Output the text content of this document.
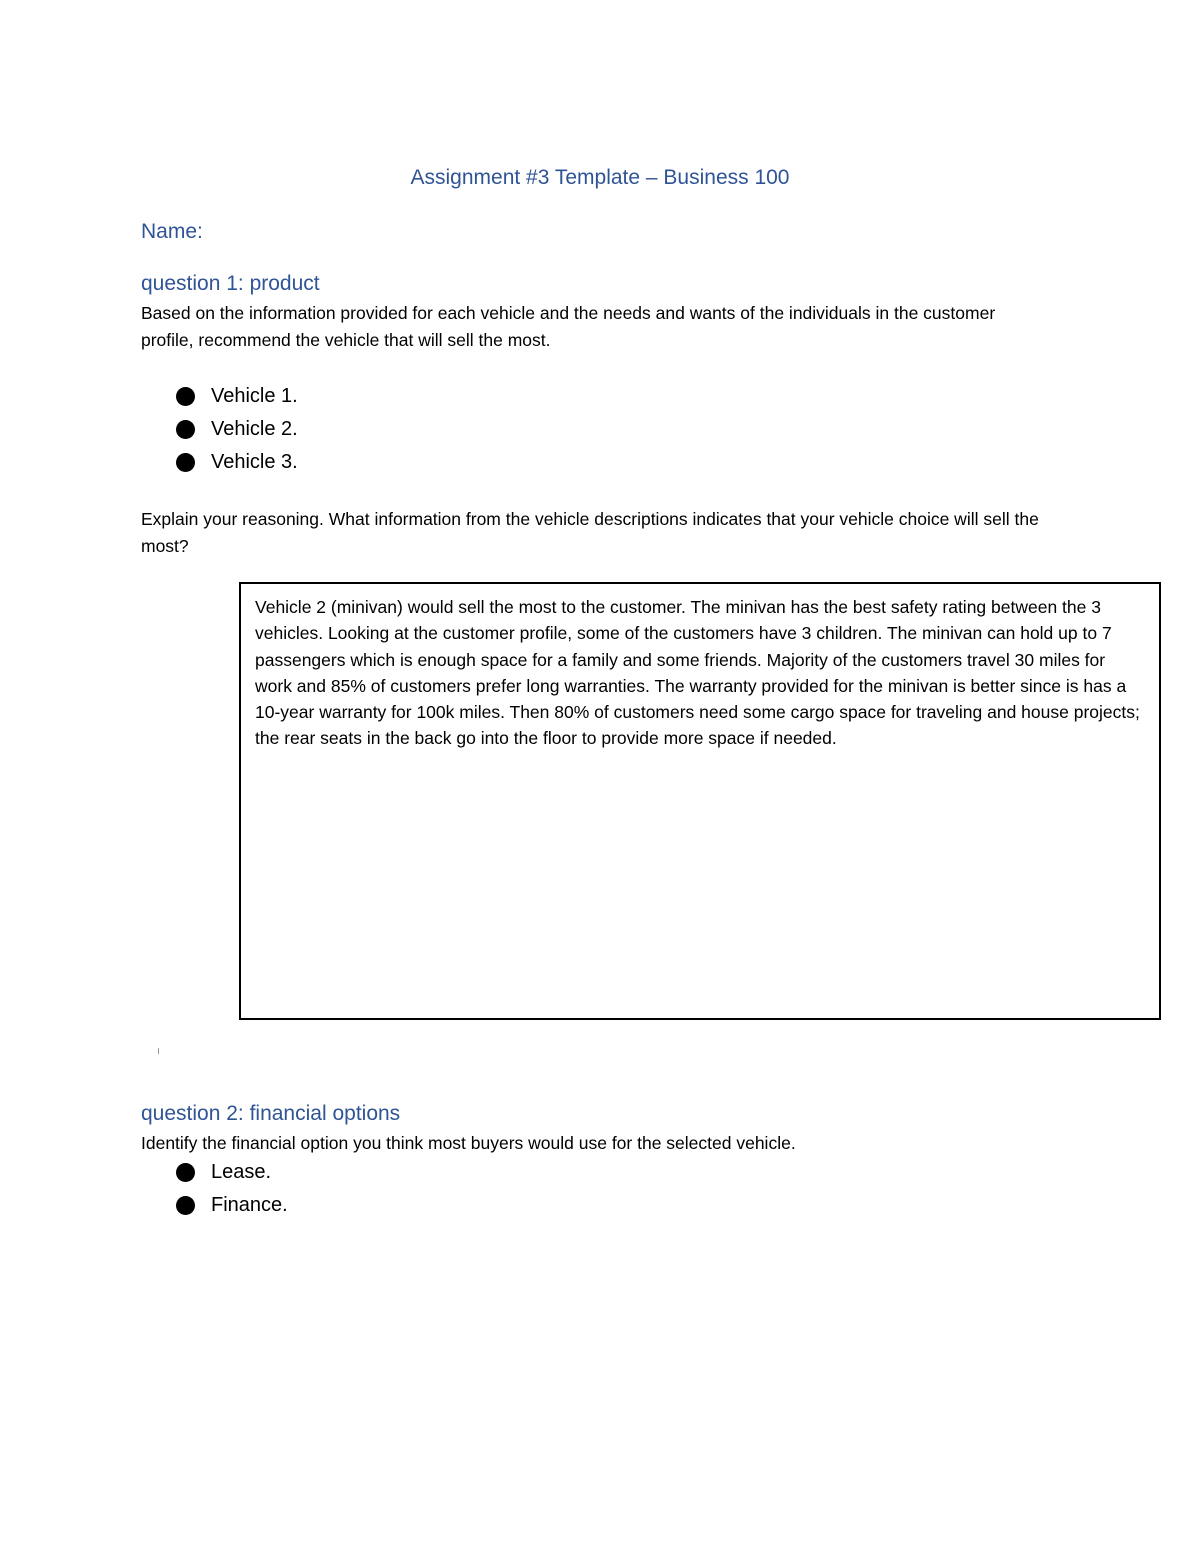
Assignment #3 Template – Business 100
Name:
question 1: product
Based on the information provided for each vehicle and the needs and wants of the individuals in the customer profile, recommend the vehicle that will sell the most.
Vehicle 1.
Vehicle 2.
Vehicle 3.
Explain your reasoning. What information from the vehicle descriptions indicates that your vehicle choice will sell the most?
Vehicle 2 (minivan) would sell the most to the customer. The minivan has the best safety rating between the 3 vehicles. Looking at the customer profile, some of the customers have 3 children. The minivan can hold up to 7 passengers which is enough space for a family and some friends. Majority of the customers travel 30 miles for work and 85% of customers prefer long warranties. The warranty provided for the minivan is better since is has a 10-year warranty for 100k miles. Then 80% of customers need some cargo space for traveling and house projects; the rear seats in the back go into the floor to provide more space if needed.
question 2: financial options
Identify the financial option you think most buyers would use for the selected vehicle.
Lease.
Finance.
